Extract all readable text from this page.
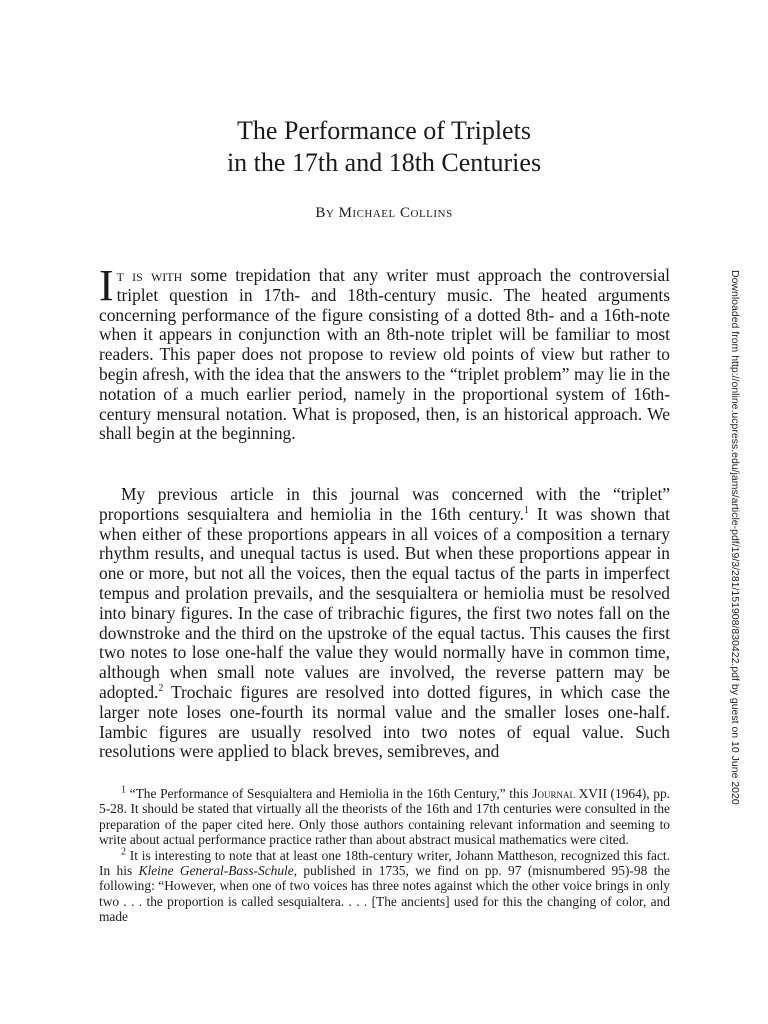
The Performance of Triplets
in the 17th and 18th Centuries
By Michael Collins

It is with some trepidation that any writer must approach the controversial triplet question in 17th- and 18th-century music. The heated arguments concerning performance of the figure consisting of a dotted 8th- and a 16th-note when it appears in conjunction with an 8th-note triplet will be familiar to most readers. This paper does not propose to review old points of view but rather to begin afresh, with the idea that the answers to the “triplet problem” may lie in the notation of a much earlier period, namely in the proportional system of 16th-century mensural notation. What is proposed, then, is an historical approach. We shall begin at the beginning.

My previous article in this journal was concerned with the “triplet” proportions sesquialtera and hemiolia in the 16th century.$^1$ It was shown that when either of these proportions appears in all voices of a composition a ternary rhythm results, and unequal tactus is used. But when these proportions appear in one or more, but not all the voices, then the equal tactus of the parts in imperfect tempus and prolation prevails, and the sesquialtera or hemiolia must be resolved into binary figures. In the case of tribrachic figures, the first two notes fall on the downstroke and the third on the upstroke of the equal tactus. This causes the first two notes to lose one-half the value they would normally have in common time, although when small note values are involved, the reverse pattern may be adopted.$^2$ Trochaic figures are resolved into dotted figures, in which case the larger note loses one-fourth its normal value and the smaller loses one-half. Iambic figures are usually resolved into two notes of equal value. Such resolutions were applied to black breves, semibreves, and

$^1$ “The Performance of Sesquialtera and Hemiolia in the 16th Century,” this Journal XVII (1964), pp. 5-28. It should be stated that virtually all the theorists of the 16th and 17th centuries were consulted in the preparation of the paper cited here. Only those authors containing relevant information and seeming to write about actual performance practice rather than about abstract musical mathematics were cited.

$^2$ It is interesting to note that at least one 18th-century writer, Johann Mattheson, recognized this fact. In his Kleine General-Bass-Schule, published in 1735, we find on pp. 97 (misnumbered 95)-98 the following: “However, when one of two voices has three notes against which the other voice brings in only two . . . the proportion is called sesquialtera. . . . [The ancients] used for this the changing of color, and made

Downloaded from http://online.ucpress.edu/jams/article-pdf/19/3/281/151908/830422.pdf by guest on 10 June 2020
